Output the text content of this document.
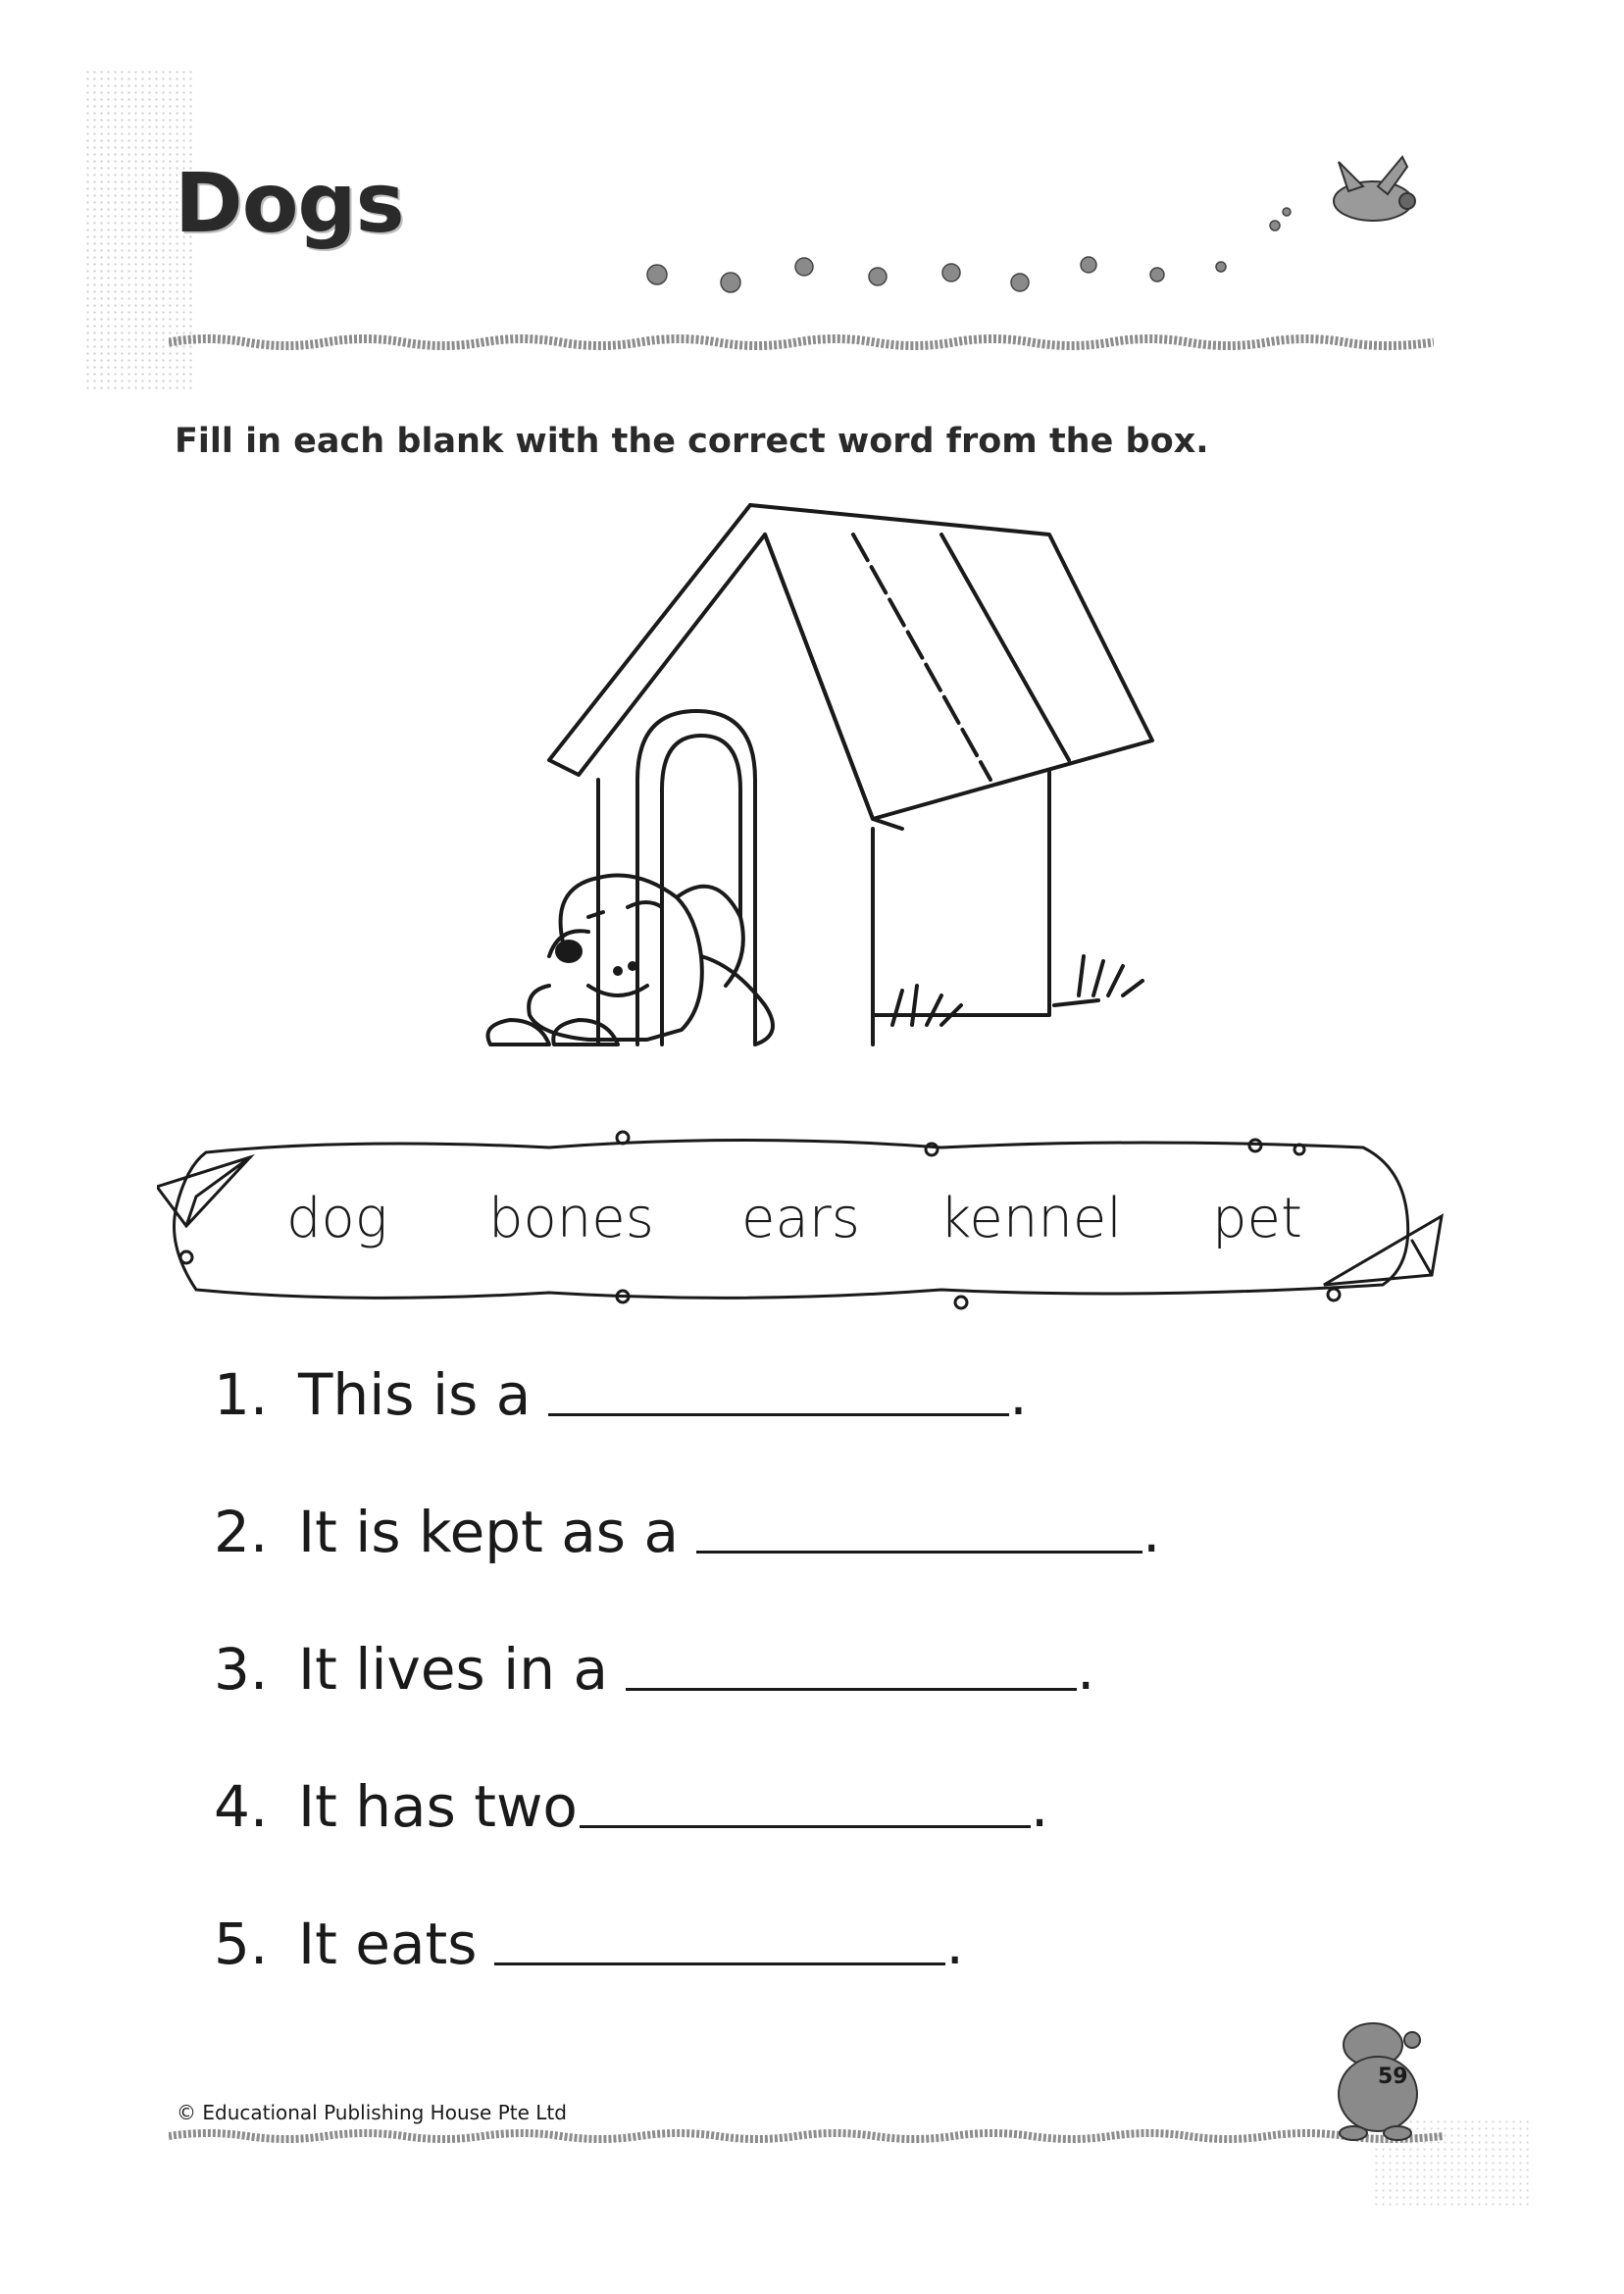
Dogs
Fill in each blank with the correct word from the box.
dog bones ears kennel pet
1. This is a	.
2. It is kept as a	.
3. It lives in a	.
4. It has two	.
5. It eats	.
© Educational Publishing House Pte Ltd
59
